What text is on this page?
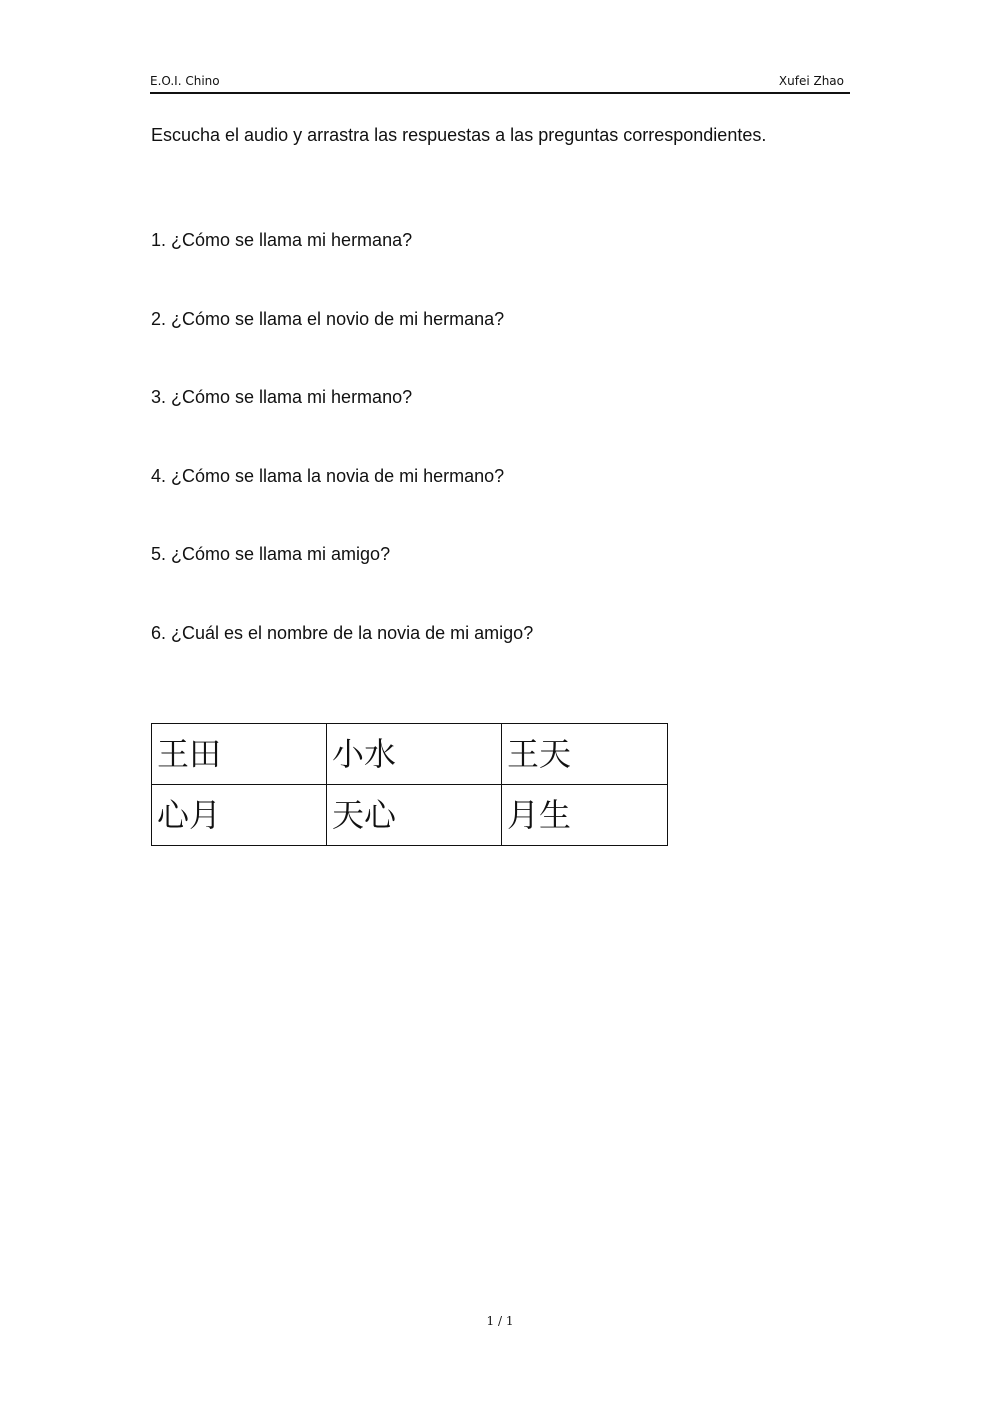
E.O.I. Chino	Xufei Zhao
Escucha el audio y arrastra las respuestas a las preguntas correspondientes.
1. ¿Cómo se llama mi hermana?
2. ¿Cómo se llama el novio de mi hermana?
3. ¿Cómo se llama mi hermano?
4. ¿Cómo se llama la novia de mi hermano?
5. ¿Cómo se llama mi amigo?
6. ¿Cuál es el nombre de la novia de mi amigo?
王田	小水	王天
心月	天心	月生
1 / 1
